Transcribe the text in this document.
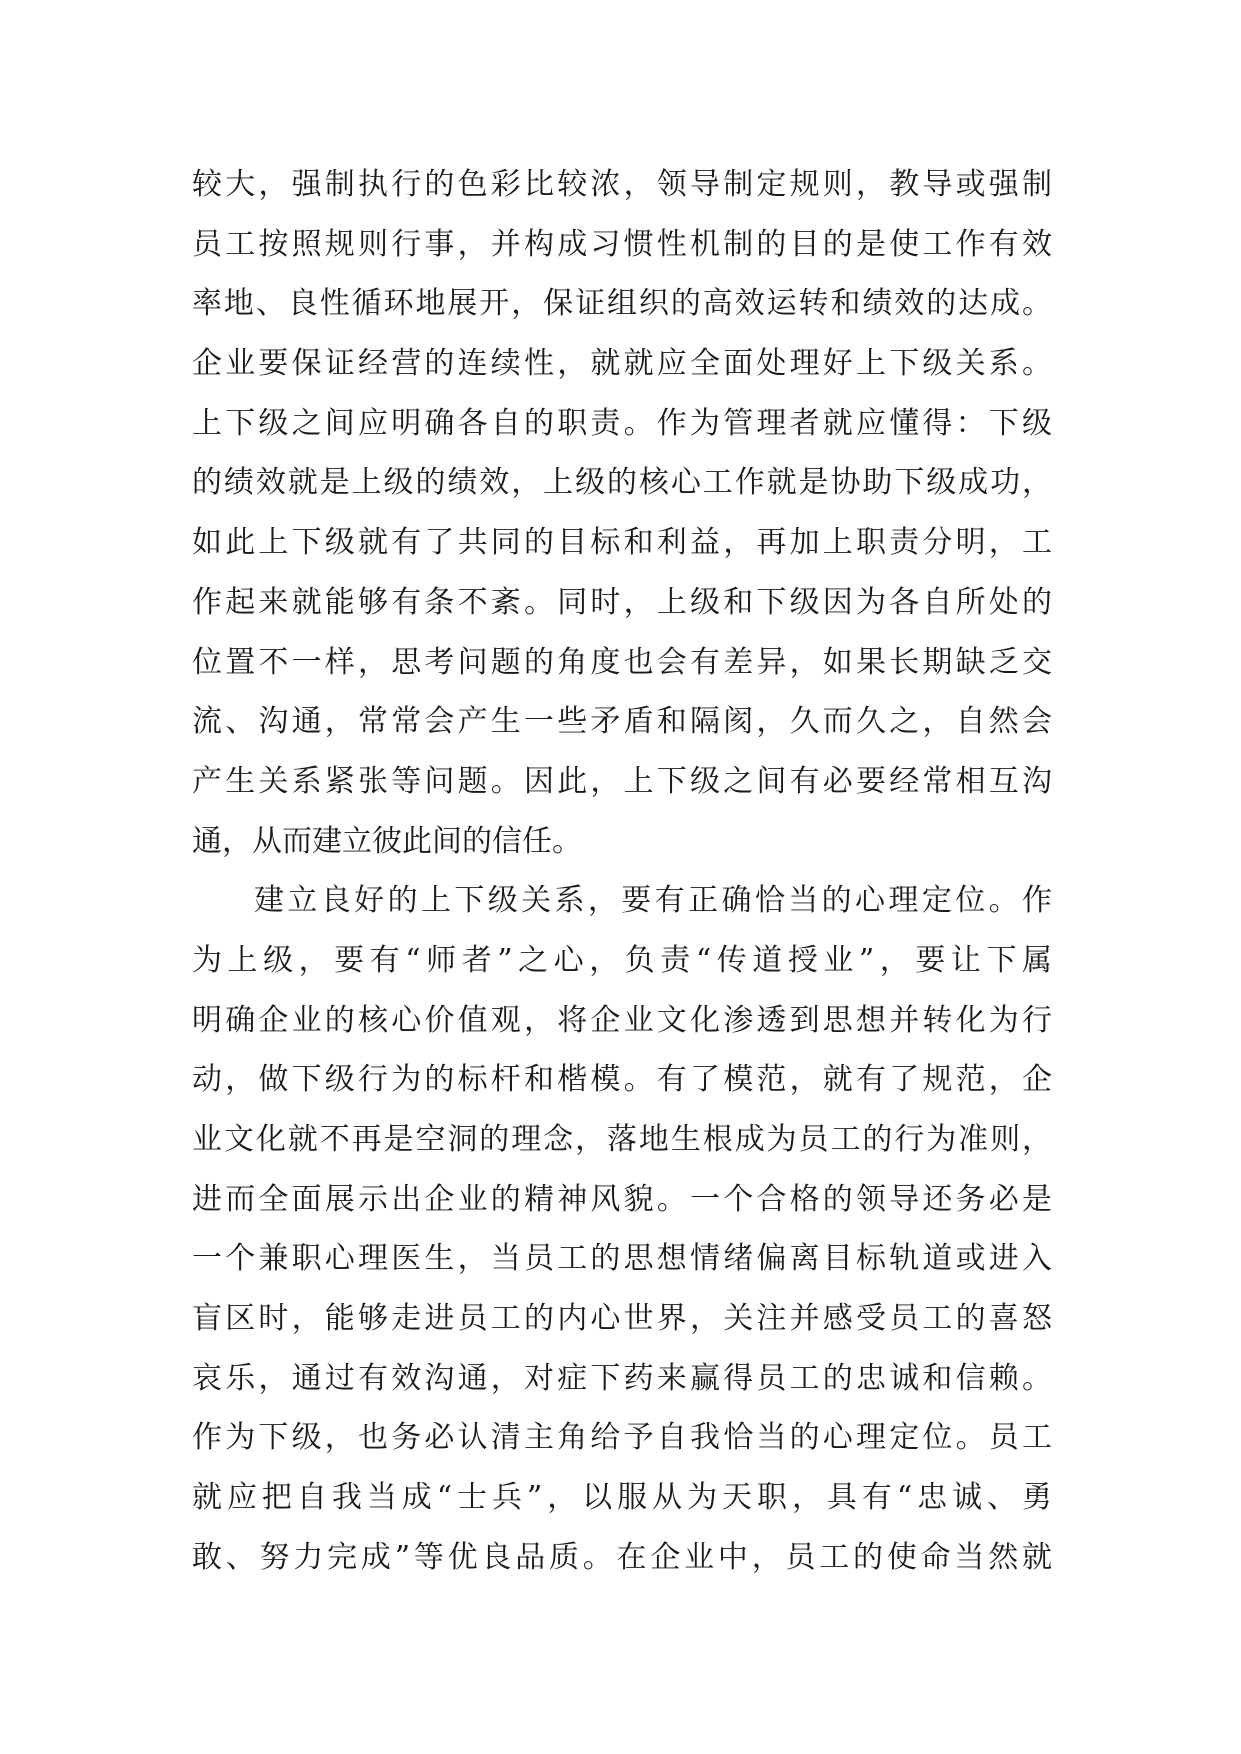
较大，强制执行的色彩比较浓，领导制定规则，教导或强制
员工按照规则行事，并构成习惯性机制的目的是使工作有效
率地、良性循环地展开，保证组织的高效运转和绩效的达成。
企业要保证经营的连续性，就就应全面处理好上下级关系。
上下级之间应明确各自的职责。作为管理者就应懂得：下级
的绩效就是上级的绩效，上级的核心工作就是协助下级成功，
如此上下级就有了共同的目标和利益，再加上职责分明，工
作起来就能够有条不紊。同时，上级和下级因为各自所处的
位置不一样，思考问题的角度也会有差异，如果长期缺乏交
流、沟通，常常会产生一些矛盾和隔阂，久而久之，自然会
产生关系紧张等问题。因此，上下级之间有必要经常相互沟
通，从而建立彼此间的信任。
建立良好的上下级关系，要有正确恰当的心理定位。作
为上级，要有“师者”之心，负责“传道授业”，要让下属
明确企业的核心价值观，将企业文化渗透到思想并转化为行
动，做下级行为的标杆和楷模。有了模范，就有了规范，企
业文化就不再是空洞的理念，落地生根成为员工的行为准则，
进而全面展示出企业的精神风貌。一个合格的领导还务必是
一个兼职心理医生，当员工的思想情绪偏离目标轨道或进入
盲区时，能够走进员工的内心世界，关注并感受员工的喜怒
哀乐，通过有效沟通，对症下药来赢得员工的忠诚和信赖。
作为下级，也务必认清主角给予自我恰当的心理定位。员工
就应把自我当成“士兵”，以服从为天职，具有“忠诚、勇
敢、努力完成”等优良品质。在企业中，员工的使命当然就
